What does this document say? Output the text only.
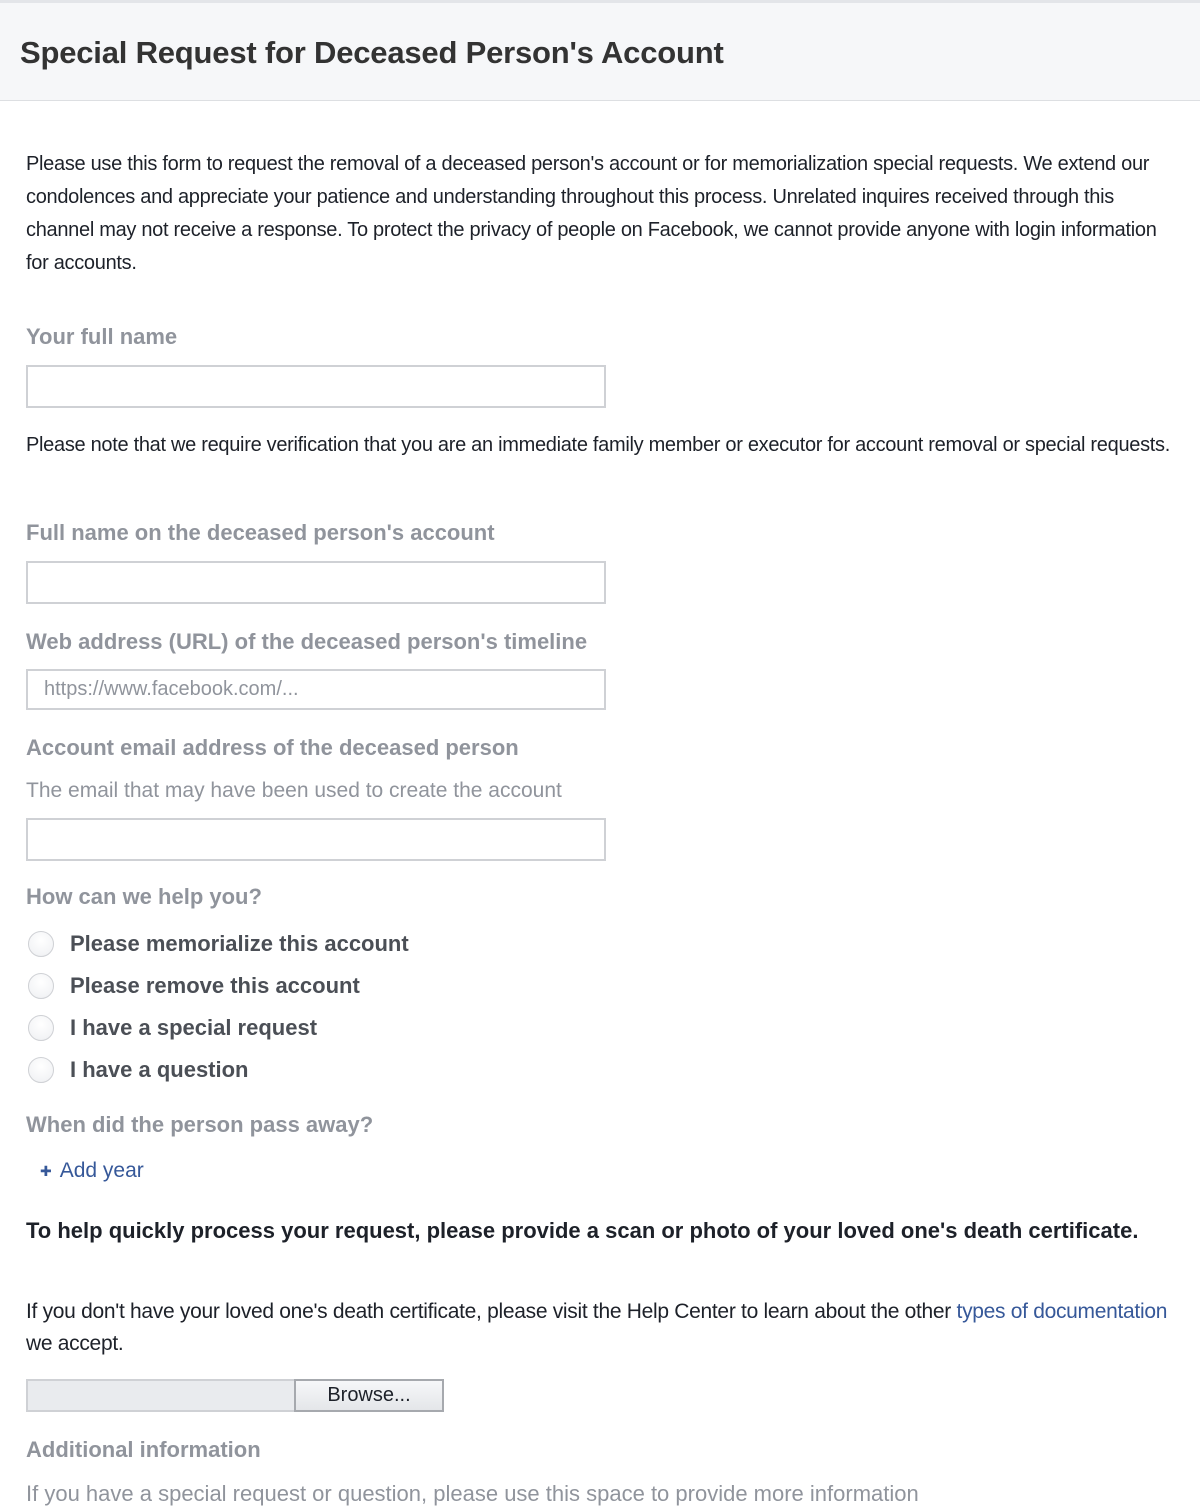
Special Request for Deceased Person's Account
Please use this form to request the removal of a deceased person's account or for memorialization special requests. We extend our condolences and appreciate your patience and understanding throughout this process. Unrelated inquires received through this channel may not receive a response. To protect the privacy of people on Facebook, we cannot provide anyone with login information for accounts.
Your full name
Please note that we require verification that you are an immediate family member or executor for account removal or special requests.
Full name on the deceased person's account
Web address (URL) of the deceased person's timeline
https://www.facebook.com/...
Account email address of the deceased person
The email that may have been used to create the account
How can we help you?
Please memorialize this account
Please remove this account
I have a special request
I have a question
When did the person pass away?
✚ Add year
To help quickly process your request, please provide a scan or photo of your loved one's death certificate.
If you don't have your loved one's death certificate, please visit the Help Center to learn about the other types of documentation we accept.
Browse...
Additional information
If you have a special request or question, please use this space to provide more information
